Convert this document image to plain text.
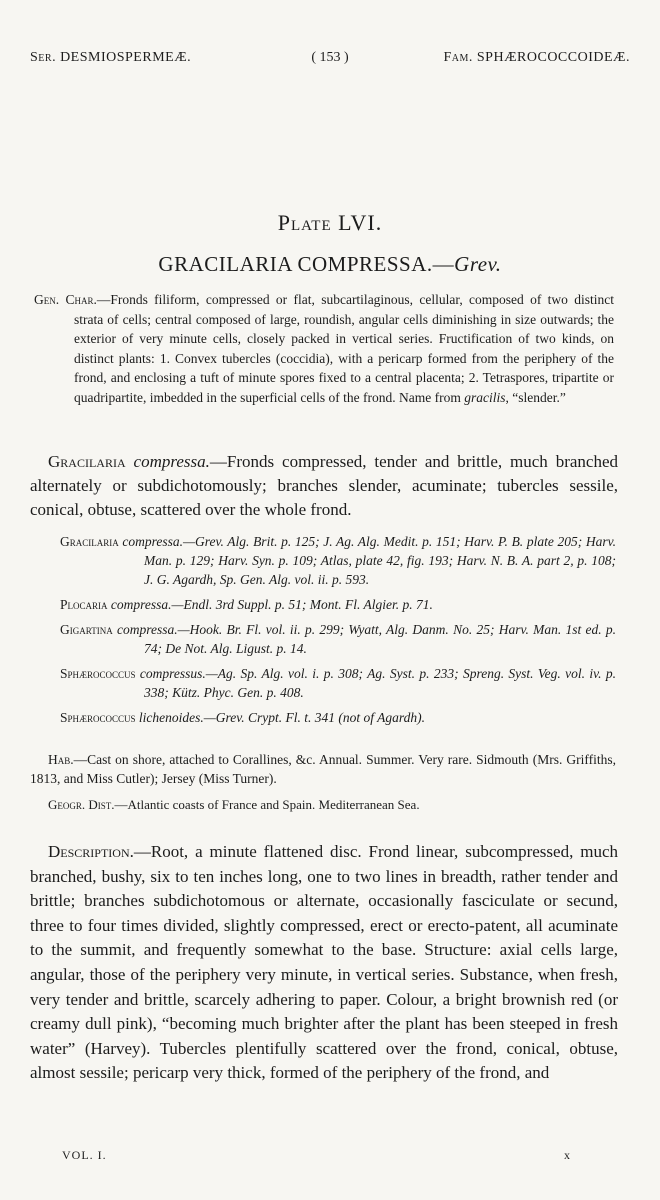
Ser. DESMIOSPERMEÆ.	( 153 )	Fam. SPHÆROCOCCOIDEÆ.
Plate LVI.
GRACILARIA COMPRESSA.—Grev.

Gen. Char.—Fronds filiform, compressed or flat, subcartilaginous, cellular, composed of two distinct strata of cells; central composed of large, roundish, angular cells diminishing in size outwards; the exterior of very minute cells, closely packed in vertical series. Fructification of two kinds, on distinct plants: 1. Convex tubercles (coccidia), with a pericarp formed from the periphery of the frond, and enclosing a tuft of minute spores fixed to a central placenta; 2. Tetraspores, tripartite or quadripartite, imbedded in the superficial cells of the frond. Name from gracilis, “slender.”

Gracilaria compressa.—Fronds compressed, tender and brittle, much branched alternately or subdichotomously; branches slender, acuminate; tubercles sessile, conical, obtuse, scattered over the whole frond.

Gracilaria compressa.—Grev. Alg. Brit. p. 125; J. Ag. Alg. Medit. p. 151; Harv. P. B. plate 205; Harv. Man. p. 129; Harv. Syn. p. 109; Atlas, plate 42, fig. 193; Harv. N. B. A. part 2, p. 108; J. G. Agardh, Sp. Gen. Alg. vol. ii. p. 593.

Plocaria compressa.—Endl. 3rd Suppl. p. 51; Mont. Fl. Algier. p. 71.

Gigartina compressa.—Hook. Br. Fl. vol. ii. p. 299; Wyatt, Alg. Danm. No. 25; Harv. Man. 1st ed. p. 74; De Not. Alg. Ligust. p. 14.

Sphærococcus compressus.—Ag. Sp. Alg. vol. i. p. 308; Ag. Syst. p. 233; Spreng. Syst. Veg. vol. iv. p. 338; Kütz. Phyc. Gen. p. 408.

Sphærococcus lichenoides.—Grev. Crypt. Fl. t. 341 (not of Agardh).

Hab.—Cast on shore, attached to Corallines, &c. Annual. Summer. Very rare. Sidmouth (Mrs. Griffiths, 1813, and Miss Cutler); Jersey (Miss Turner).

Geogr. Dist.—Atlantic coasts of France and Spain. Mediterranean Sea.

Description.—Root, a minute flattened disc. Frond linear, subcompressed, much branched, bushy, six to ten inches long, one to two lines in breadth, rather tender and brittle; branches subdichotomous or alternate, occasionally fasciculate or secund, three to four times divided, slightly compressed, erect or erecto-patent, all acuminate to the summit, and frequently somewhat to the base. Structure: axial cells large, angular, those of the periphery very minute, in vertical series. Substance, when fresh, very tender and brittle, scarcely adhering to paper. Colour, a bright brownish red (or creamy dull pink), “becoming much brighter after the plant has been steeped in fresh water” (Harvey). Tubercles plentifully scattered over the frond, conical, obtuse, almost sessile; pericarp very thick, formed of the periphery of the frond, and

VOL. I.	x
